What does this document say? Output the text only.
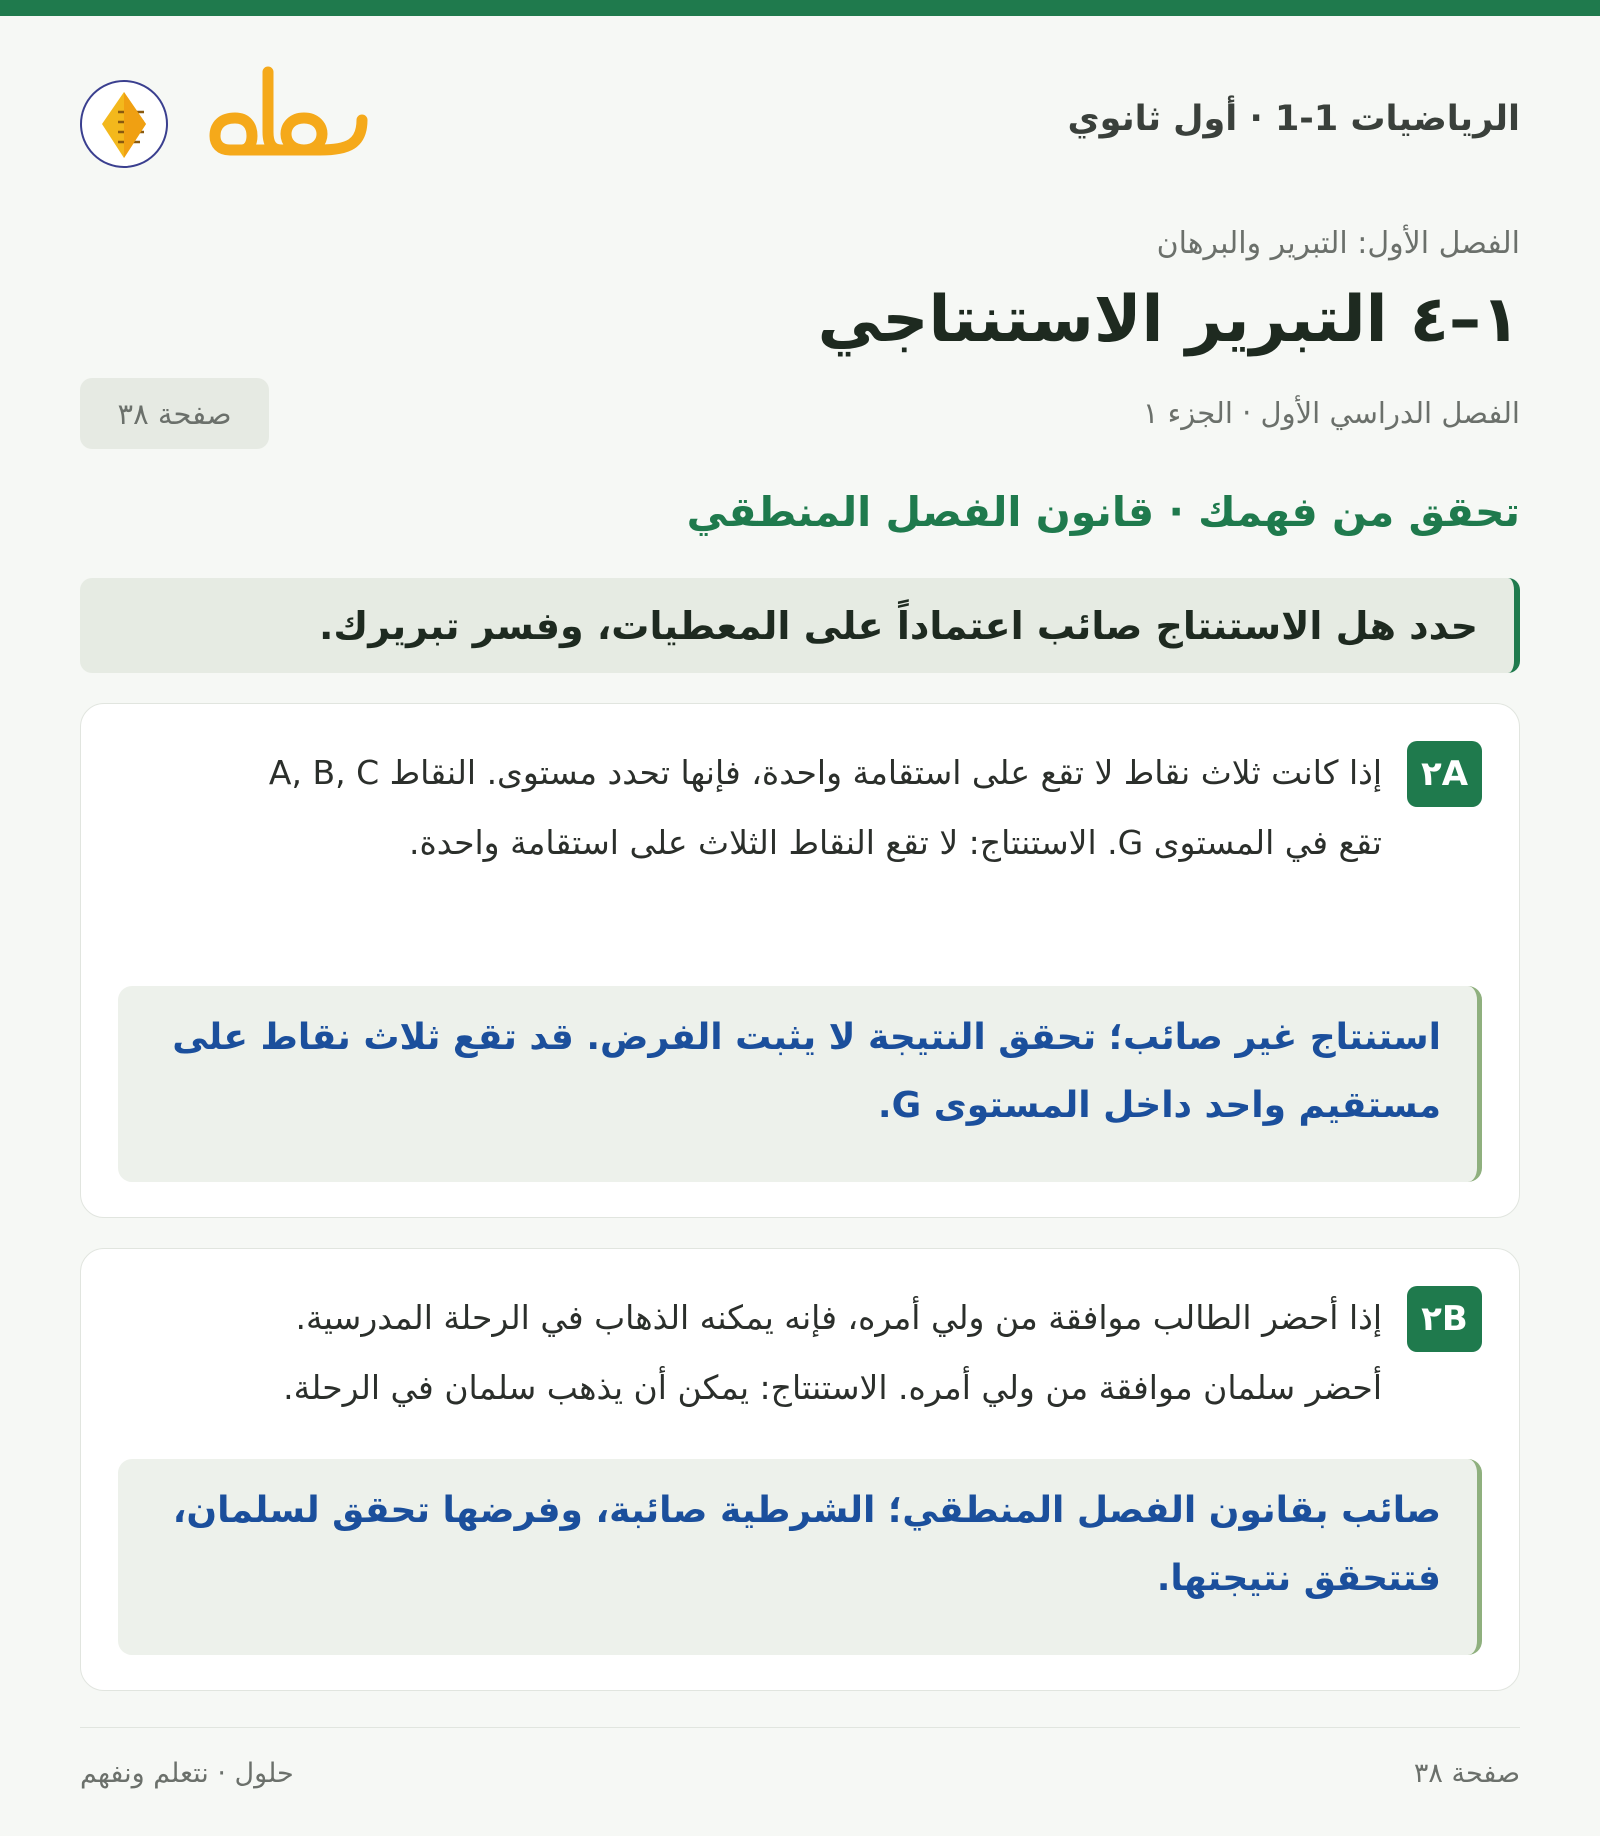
الرياضيات 1-1 · أول ثانوي
الفصل الأول: التبرير والبرهان
١–٤ التبرير الاستنتاجي
الفصل الدراسي الأول · الجزء ١
صفحة ٣٨
تحقق من فهمك · قانون الفصل المنطقي
حدد هل الاستنتاج صائب اعتماداً على المعطيات، وفسر تبريرك.
٢A

إذا كانت ثلاث نقاط لا تقع على استقامة واحدة، فإنها تحدد مستوى. النقاط A, B, C تقع في المستوى G. الاستنتاج: لا تقع النقاط الثلاث على استقامة واحدة.

استنتاج غير صائب؛ تحقق النتيجة لا يثبت الفرض. قد تقع ثلاث نقاط على مستقيم واحد داخل المستوى G.
٢B

إذا أحضر الطالب موافقة من ولي أمره، فإنه يمكنه الذهاب في الرحلة المدرسية. أحضر سلمان موافقة من ولي أمره. الاستنتاج: يمكن أن يذهب سلمان في الرحلة.

صائب بقانون الفصل المنطقي؛ الشرطية صائبة، وفرضها تحقق لسلمان، فتتحقق نتيجتها.
صفحة ٣٨
حلول · نتعلم ونفهم
